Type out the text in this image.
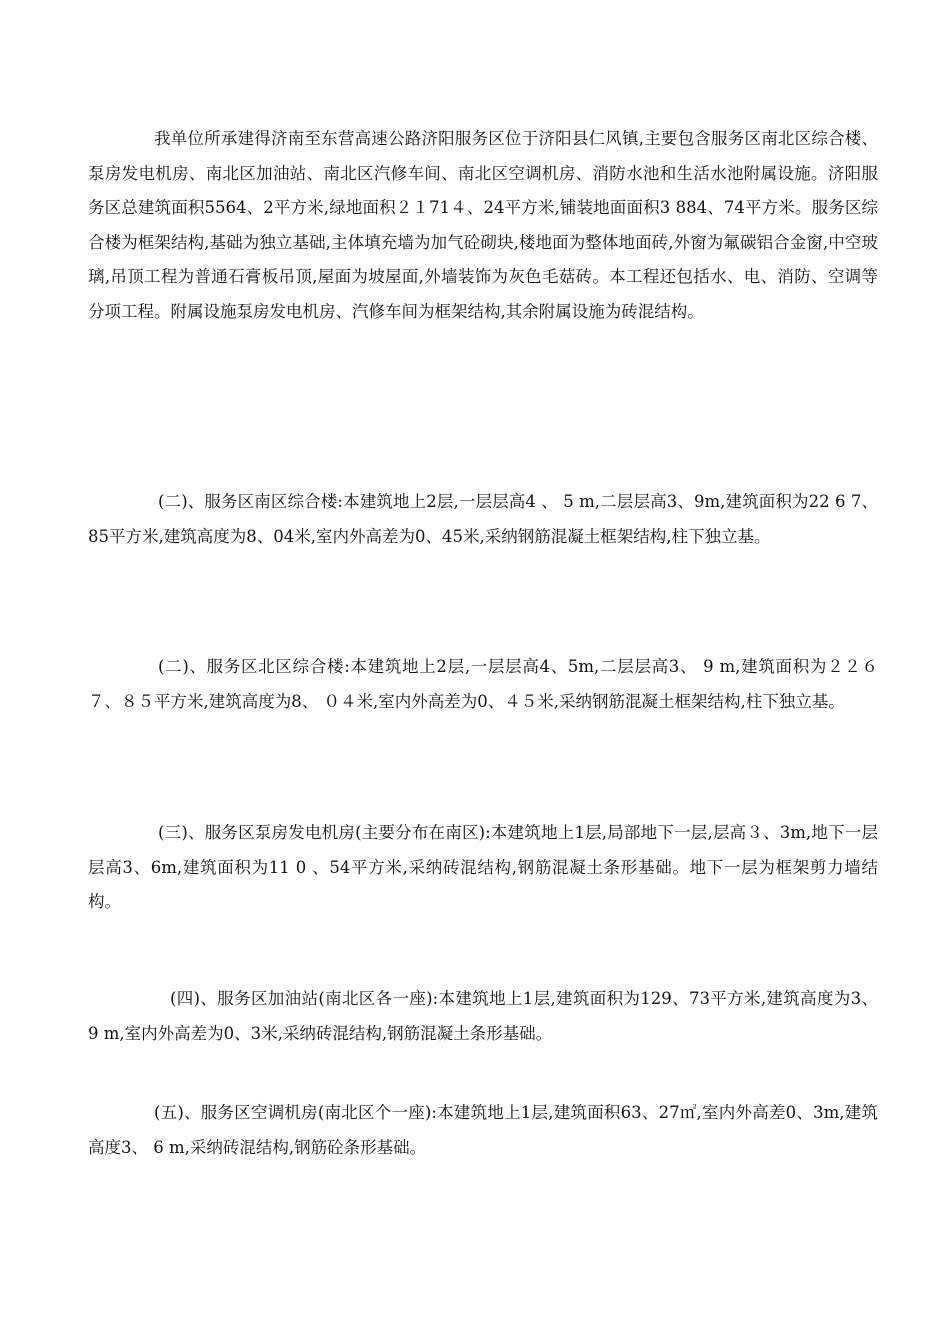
我单位所承建得济南至东营高速公路济阳服务区位于济阳县仁风镇,主要包含服务区南北区综合楼、泵房发电机房、南北区加油站、南北区汽修车间、南北区空调机房、消防水池和生活水池附属设施。济阳服务区总建筑面积5564、2平方米,绿地面积２１71４、24平方米,铺装地面面积3 884、74平方米。服务区综合楼为框架结构,基础为独立基础,主体填充墙为加气砼砌块,楼地面为整体地面砖,外窗为氟碳铝合金窗,中空玻璃,吊顶工程为普通石膏板吊顶,屋面为坡屋面,外墙装饰为灰色毛菇砖。本工程还包括水、电、消防、空调等分项工程。附属设施泵房发电机房、汽修车间为框架结构,其余附属设施为砖混结构。

(二)、服务区南区综合楼:本建筑地上2层,一层层高4 、 5 m,二层层高3、9m,建筑面积为22 6 7、85平方米,建筑高度为8、04米,室内外高差为0、45米,采纳钢筋混凝土框架结构,柱下独立基。

(二)、服务区北区综合楼:本建筑地上2层,一层层高4、5m,二层层高3、 9 m,建筑面积为２２６７、８５平方米,建筑高度为8、 ０４米,室内外高差为0、４５米,采纳钢筋混凝土框架结构,柱下独立基。

(三)、服务区泵房发电机房(主要分布在南区):本建筑地上1层,局部地下一层,层高３、3m,地下一层层高3、6m,建筑面积为11 0 、54平方米,采纳砖混结构,钢筋混凝土条形基础。地下一层为框架剪力墙结构。

(四)、服务区加油站(南北区各一座):本建筑地上1层,建筑面积为129、73平方米,建筑高度为3、 9 m,室内外高差为0、3米,采纳砖混结构,钢筋混凝土条形基础。

(五)、服务区空调机房(南北区个一座):本建筑地上1层,建筑面积63、27㎡,室内外高差0、3m,建筑高度3、 6 m,采纳砖混结构,钢筋砼条形基础。
